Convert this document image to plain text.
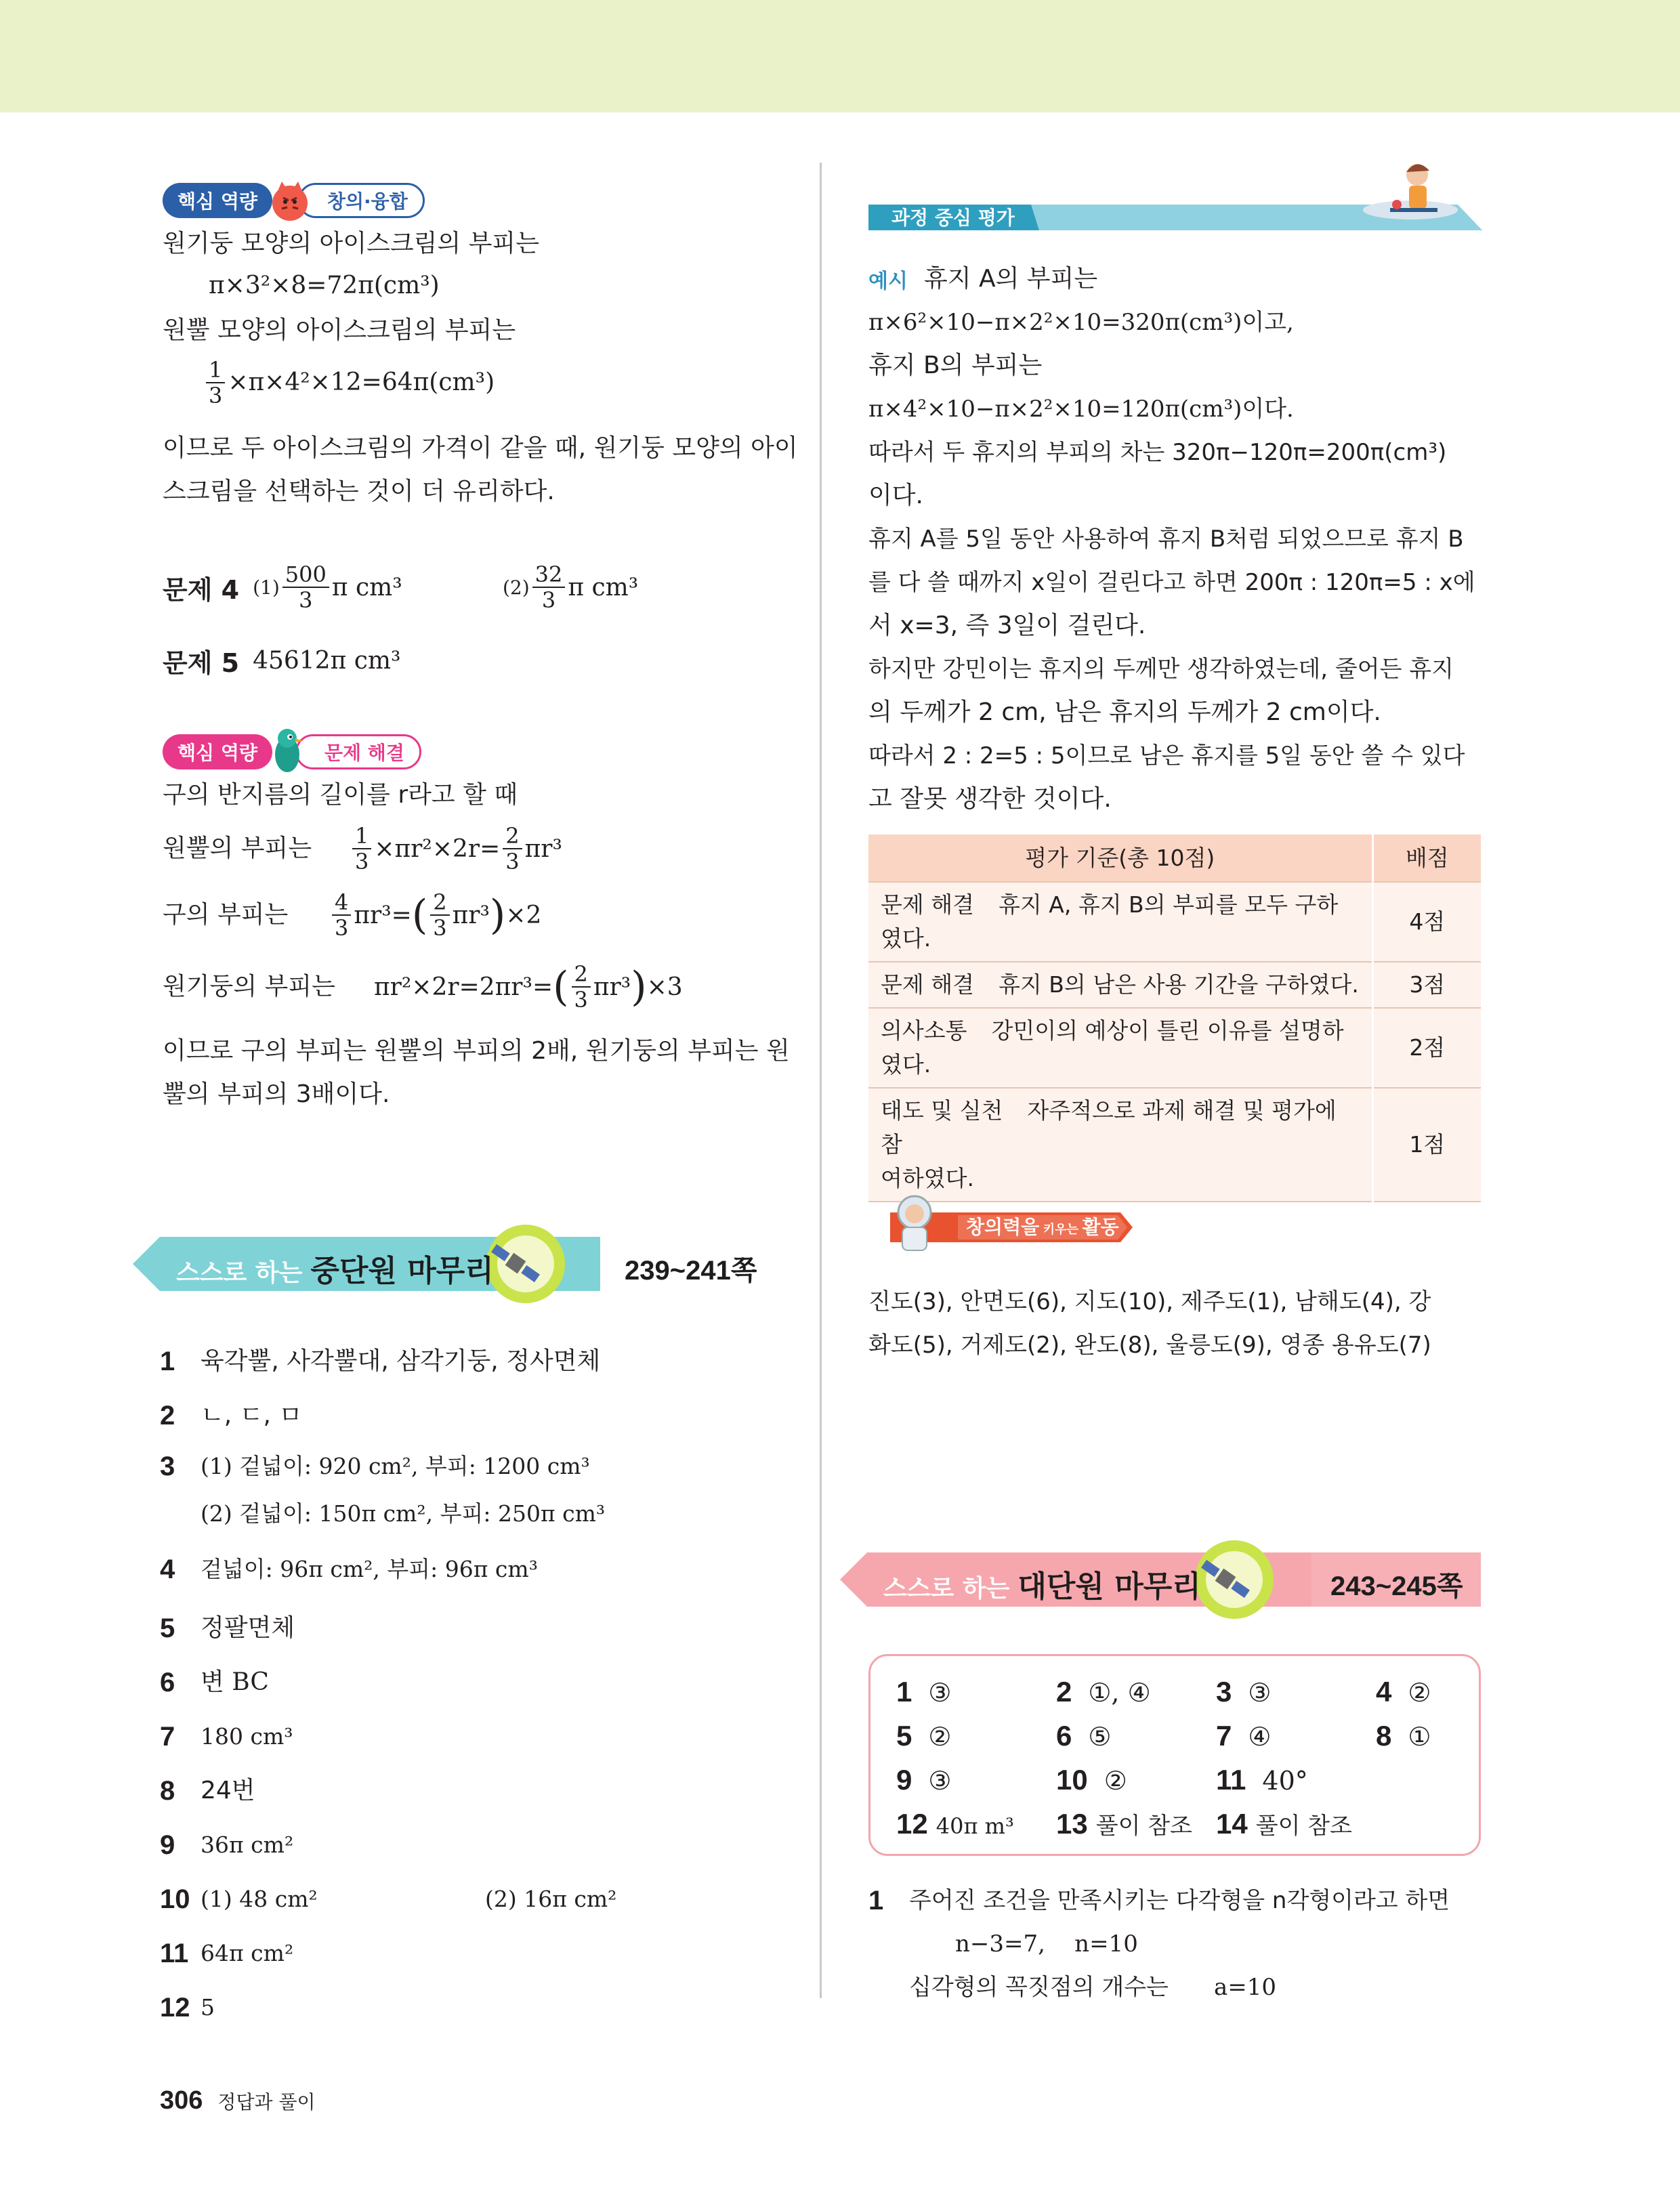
핵심 역량	창의·융합
원기둥 모양의 아이스크림의 부피는
π×3²×8=72π(cm³)
원뿔 모양의 아이스크림의 부피는
$\frac{1}{3} \times\pi\times 4^2\times 12=64\pi(cm^3)$
이므로 두 아이스크림의 가격이 같을 때, 원기둥 모양의 아이
스크림을 선택하는 것이 더 유리하다.
문제 4 $(1) \frac{500}{3}$ π cm³	$(2) \frac{32}{3}$ π cm³
문제 5 45612π cm³
핵심 역량	문제 해결
구의 반지름의 길이를 r라고 할 때
원뿔의 부피는	$\frac{1}{3} \times\pi r^2\times 2r= \frac{2}{3} \pi r^3$
구의 부피는	$\frac{4}{3} \pi r^3=$ ( $\frac{2}{3} \pi r^3$ ) ×2
원기둥의 부피는	πr²×2r=2πr³= ( $\frac{2}{3} \pi r^3$ ) ×3
이므로 구의 부피는 원뿔의 부피의 2배, 원기둥의 부피는 원
뿔의 부피의 3배이다.
스스로 하는 중단원 마무리	239~241쪽
1	육각뿔, 사각뿔대, 삼각기둥, 정사면체
2	ㄴ, ㄷ, ㅁ
3	(1) 겉넓이: 920 cm², 부피: 1200 cm³
(2) 겉넓이: 150π cm², 부피: 250π cm³
4	겉넓이: 96π cm², 부피: 96π cm³
5	정팔면체
6	변 BC
7	180 cm³
8	24번
9	36π cm²
10 (1) 48 cm²	(2) 16π cm²
11 64π cm²
12 5
과정 중심 평가
예시 휴지 A의 부피는
π×6²×10−π×2²×10=320π(cm³)이고,
휴지 B의 부피는
π×4²×10−π×2²×10=120π(cm³)이다.
따라서 두 휴지의 부피의 차는 320π−120π=200π(cm³)
이다.
휴지 A를 5일 동안 사용하여 휴지 B처럼 되었으므로 휴지 B
를 다 쓸 때까지 x일이 걸린다고 하면 200π : 120π=5 : x에
서 x=3, 즉 3일이 걸린다.
하지만 강민이는 휴지의 두께만 생각하였는데, 줄어든 휴지
의 두께가 2 cm, 남은 휴지의 두께가 2 cm이다.
따라서 2 : 2=5 : 5이므로 남은 휴지를 5일 동안 쓸 수 있다
고 잘못 생각한 것이다.
평가 기준(총 10점)	배점
문제 해결 휴지 A, 휴지 B의 부피를 모두 구하
였다.	4점
문제 해결 휴지 B의 남은 사용 기간을 구하였다.	3점
의사소통 강민이의 예상이 틀린 이유를 설명하였다.	2점
태도 및 실천 자주적으로 과제 해결 및 평가에 참
여하였다.	1점
창의력을 키우는 활동
진도(3), 안면도(6), 지도(10), 제주도(1), 남해도(4), 강
화도(5), 거제도(2), 완도(8), 울릉도(9), 영종 용유도(7)
스스로 하는 대단원 마무리	243~245쪽
1 ③	2 ①, ④	3 ③	4 ②
5 ②	6 ⑤	7 ④	8 ①
9 ③	10 ②	11 40°
12 40π m³	13 풀이 참조 14 풀이 참조
1	주어진 조건을 만족시키는 다각형을 n각형이라고 하면
n−3=7,    n=10
십각형의 꼭짓점의 개수는	a=10
306 정답과 풀이
